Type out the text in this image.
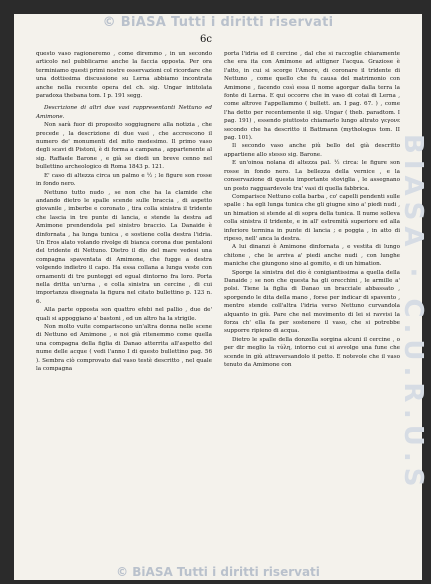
© BiASA Tutti i diritti riservati
BIASA · C.U.R.U.S
6c

questo vaso ragioneremo , come diremmo , in un secondo articolo nel pubblicarne anche la faccia opposta. Per ora terminiamo questi primi nostre osservazioni col ricordare che una dottissima discussione su Lerna abbiamo incontrata anche nella recente opera del ch. sig. Ungar intitolata paradoxa thebana tom. I p. 191 segg.

Descrizione di altri due vasi rappresentanti Nettuno ed Amimone.

Non sarà fuor di proposito soggiugnere alla notizia , che precede , la descrizione di due vasi , che accrescono il numero de' monumenti del mito medesimo. Il primo vaso degli scavi di Pistoni, è di forma a campana , appartenente al sig. Raffaele Barone , e già se diedi un breve cenno nel bullettino archeologico di Roma 1843 p. 121.

E' caso di altezza circa un palmo e ½ ; le figure son rosse in fondo nero.

Nettuno tutto nudo , se non che ha la clamide che andando dietro le spalle scende sulle braccia , di aspetto giovanile , imberbe e coronato , tira colla sinistra il tridente che lascia in tre punte di lancia, e stende la destra ad Amimone prendendola pel sinistro braccio. La Danaide è dinfornata , ha lunga tunica , e sostiene colla destra l'idria. Un Eros alato volando rivolge di bianca corona due pentaloni del tridente di Nettuno. Dietro il dio del mare vedesi una compagna spaventata di Amimone, che fugge a destra volgendo indietro il capo. Ha essa collana a lunga veste con ornamenti di tre punteggi ed egual dintorno fra loro. Porta nella dritta un'urna , e colla sinistra un cercine , di cui importanza disegnata la figura nel citato bullettino p. 123 n. 6.

Alla parte opposta son quattro efebi nel pallio , due de' quali si appoggiano a' bastoni , ed un altro ha la strigile.

Non molto vuite compariscono un'altra donna nelle scene di Nettuno ed Amimone , e noi già ritenemmo come quella una compagna della figlia di Danao atterrita all'aspetto del nume delle acque ( vedi l'anno I di questo bullettino pag. 56 ). Sembra ciò comprovato dal vaso testè descritto , nel quale la compagna

porta l'idria ed il cercine , dal che si raccoglie chiaramente che era ita con Amimone ad attigner l'acqua. Graziose è l'atto, in cui si scorge l'Amore, di coronare il tridente di Nettuno , come quello che fu causa del matrimonio con Amimone , facendo così essa il nome agorgar dalla terra la fonte di Lerna. E qui occorre che in vaso di cotai di Lerna , come altrove l'appellammo ( bullett. an. I pag. 67. ) , come l'ha detto per recentemente il sig. Ungar ( theb. paradtom. I pag. 191) , essendo piuttosto chiamarlo lungo altrato γεγονε secondo che ha descritto il Battmann (mythologus tom. II pag. 101).

Il secondo vaso anche più bello del già descritto appartiene allo stesso sig. Barone.

E un'oinoa nolana di altezza pal. ½ circa: le figure son rosse in fondo nero. La bellezza della vernice , e la conservazione di questa importante stoviglia , le assegnano un posto ragguardevole tra' vasi di quella fabbrica.

Comparisce Nettuno colla barba , co' capelli pendenti sulle spalle : ha egli lunga tunica che gli giugne sino a' piedi nudi , un himation si stende al di sopra della tunica. Il nume solleva colla sinistra il tridente, e in all' estremità superiore ed alla inferiore termina in punte di lancia ; e poggia , in atto di ripeso, nell' anca la destra.

A lui dinanzi è Amimone dinfornata , e vestita di lungo chitone , che le arriva a' piedi anche nudi , con lunghe maniche che giungono sino al gomito, e di un himation.

Sporge la sinistra del dio è conigiantissima a quella della Danaide ; se non che questa ha gli orecchini , le armille a' polsi. Tiene la figlia di Danao un bracciale abbassato , sporgendo le dita della mano , forse per indicar di spavento , mentre stende coll'altra l'idria verso Nettuno curvandola alquanto in giù. Pare che nel movimento di lei si ravvisi la forza ch' ella fa per sostenere il vaso, che si potrebbe supporre ripieno di acqua.

Dietro le spalle della donzella sorgina alcuni il cercine , o per dir meglio la τύλη, intorno cui si avvolge una fune che scende in giù attraversandolo il petto. E notevole che il vaso tenuto da Amimone con

© BiASA Tutti i diritti riservati
